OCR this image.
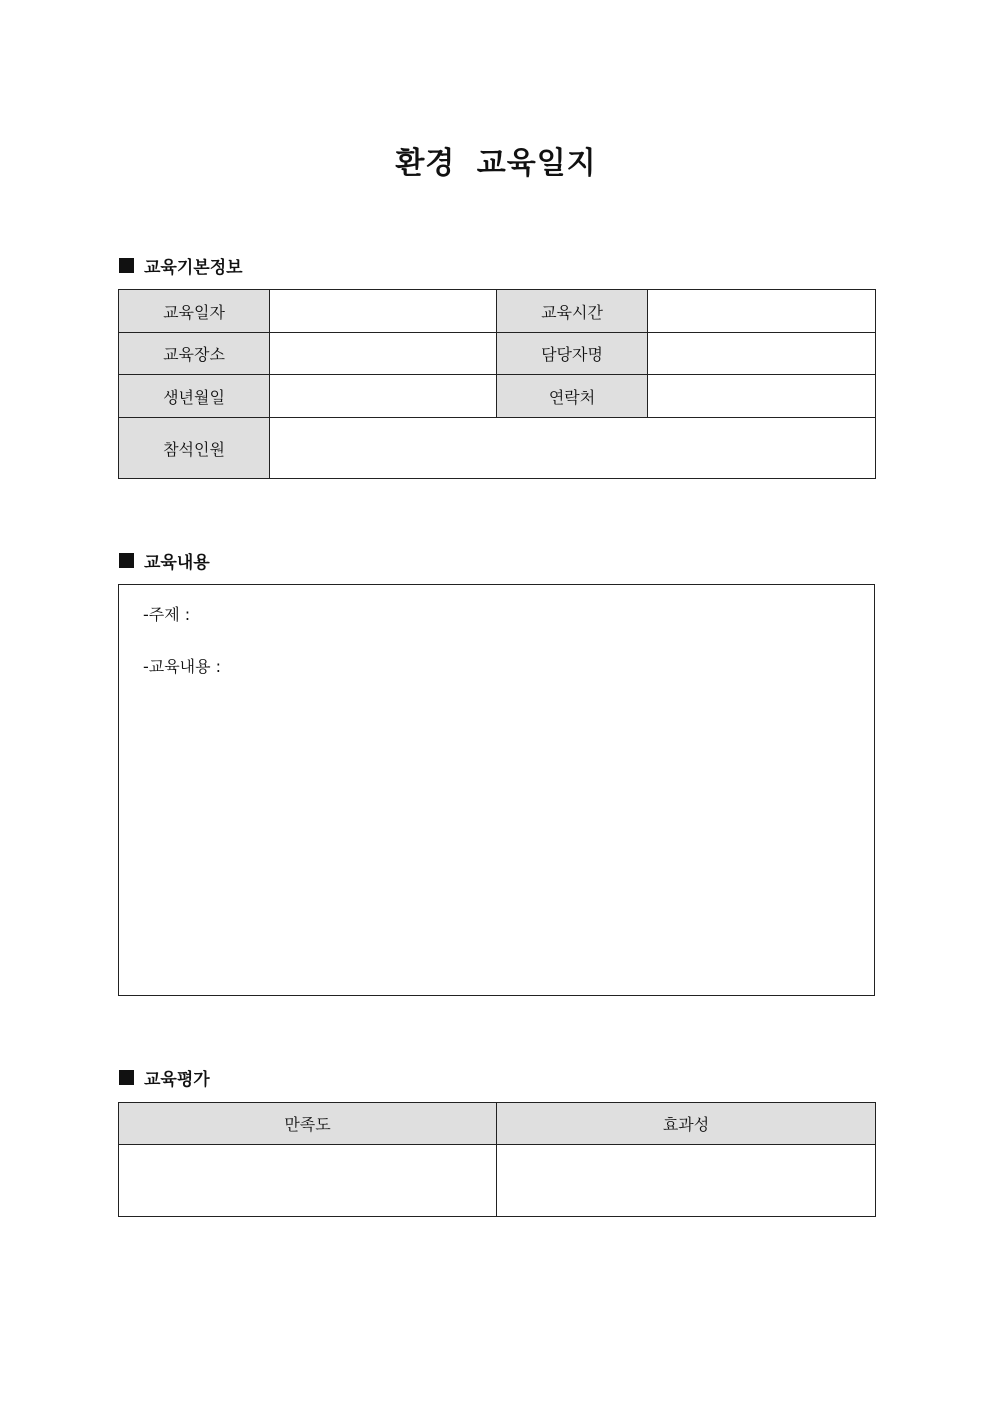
환경 교육일지
교육기본정보
교육일자		교육시간	
교육장소		담당자명	
생년월일		연락처	
참석인원			
교육내용
-주제 :
-교육내용 :
교육평가
만족도	효과성
